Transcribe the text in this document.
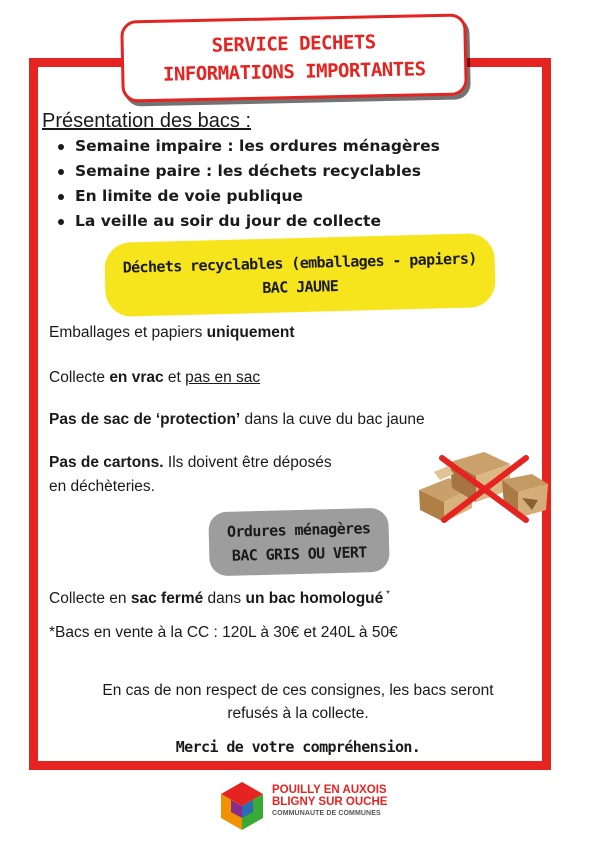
SERVICE DECHETS
INFORMATIONS IMPORTANTES
Présentation des bacs :
Semaine impaire : les ordures ménagères
Semaine paire : les déchets recyclables
En limite de voie publique
La veille au soir du jour de collecte
Déchets recyclables (emballages - papiers)
BAC JAUNE
Emballages et papiers uniquement
Collecte en vrac et pas en sac
Pas de sac de ‘protection’ dans la cuve du bac jaune
Pas de cartons. Ils doivent être déposés
en déchèteries.
Ordures ménagères
BAC GRIS OU VERT
Collecte en sac fermé dans un bac homologué *
*Bacs en vente à la CC : 120L à 30€ et 240L à 50€
En cas de non respect de ces consignes, les bacs seront
refusés à la collecte.
Merci de votre compréhension.
POUILLY EN AUXOIS
BLIGNY SUR OUCHE
COMMUNAUTE DE COMMUNES
